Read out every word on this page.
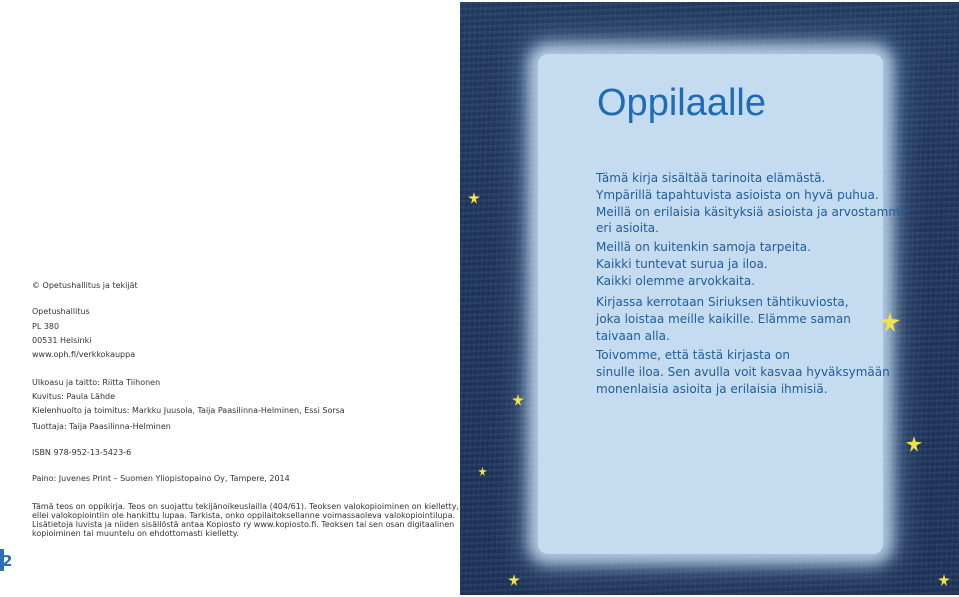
© Opetushallitus ja tekijät
Opetushallitus
PL 380
00531 Helsinki
www.oph.fi/verkkokauppa
Ulkoasu ja taitto: Riitta Tiihonen
Kuvitus: Paula Lähde
Kielenhuolto ja toimitus: Markku Juusola, Taija Paasilinna-Helminen, Essi Sorsa
Tuottaja: Taija Paasilinna-Helminen
ISBN 978-952-13-5423-6
Paino: Juvenes Print – Suomen Yliopistopaino Oy, Tampere, 2014
Tämä teos on oppikirja. Teos on suojattu tekijänoikeuslailla (404/61). Teoksen valokopioiminen on kielletty,
ellei valokopiointiin ole hankittu lupaa. Tarkista, onko oppilaitoksellanne voimassaoleva valokopiointilupa.
Lisätietoja luvista ja niiden sisällöstä antaa Kopiosto ry www.kopiosto.fi. Teoksen tai sen osan digitaalinen
kopioiminen tai muuntelu on ehdottomasti kielletty.
2
Oppilaalle
Tämä kirja sisältää tarinoita elämästä.
Ympärillä tapahtuvista asioista on hyvä puhua.
Meillä on erilaisia käsityksiä asioista ja arvostamme
eri asioita.
Meillä on kuitenkin samoja tarpeita.
Kaikki tuntevat surua ja iloa.
Kaikki olemme arvokkaita.
Kirjassa kerrotaan Siriuksen tähtikuviosta,
joka loistaa meille kaikille. Elämme saman
taivaan alla.
Toivomme, että tästä kirjasta on
sinulle iloa. Sen avulla voit kasvaa hyväksymään
monenlaisia asioita ja erilaisia ihmisiä.
